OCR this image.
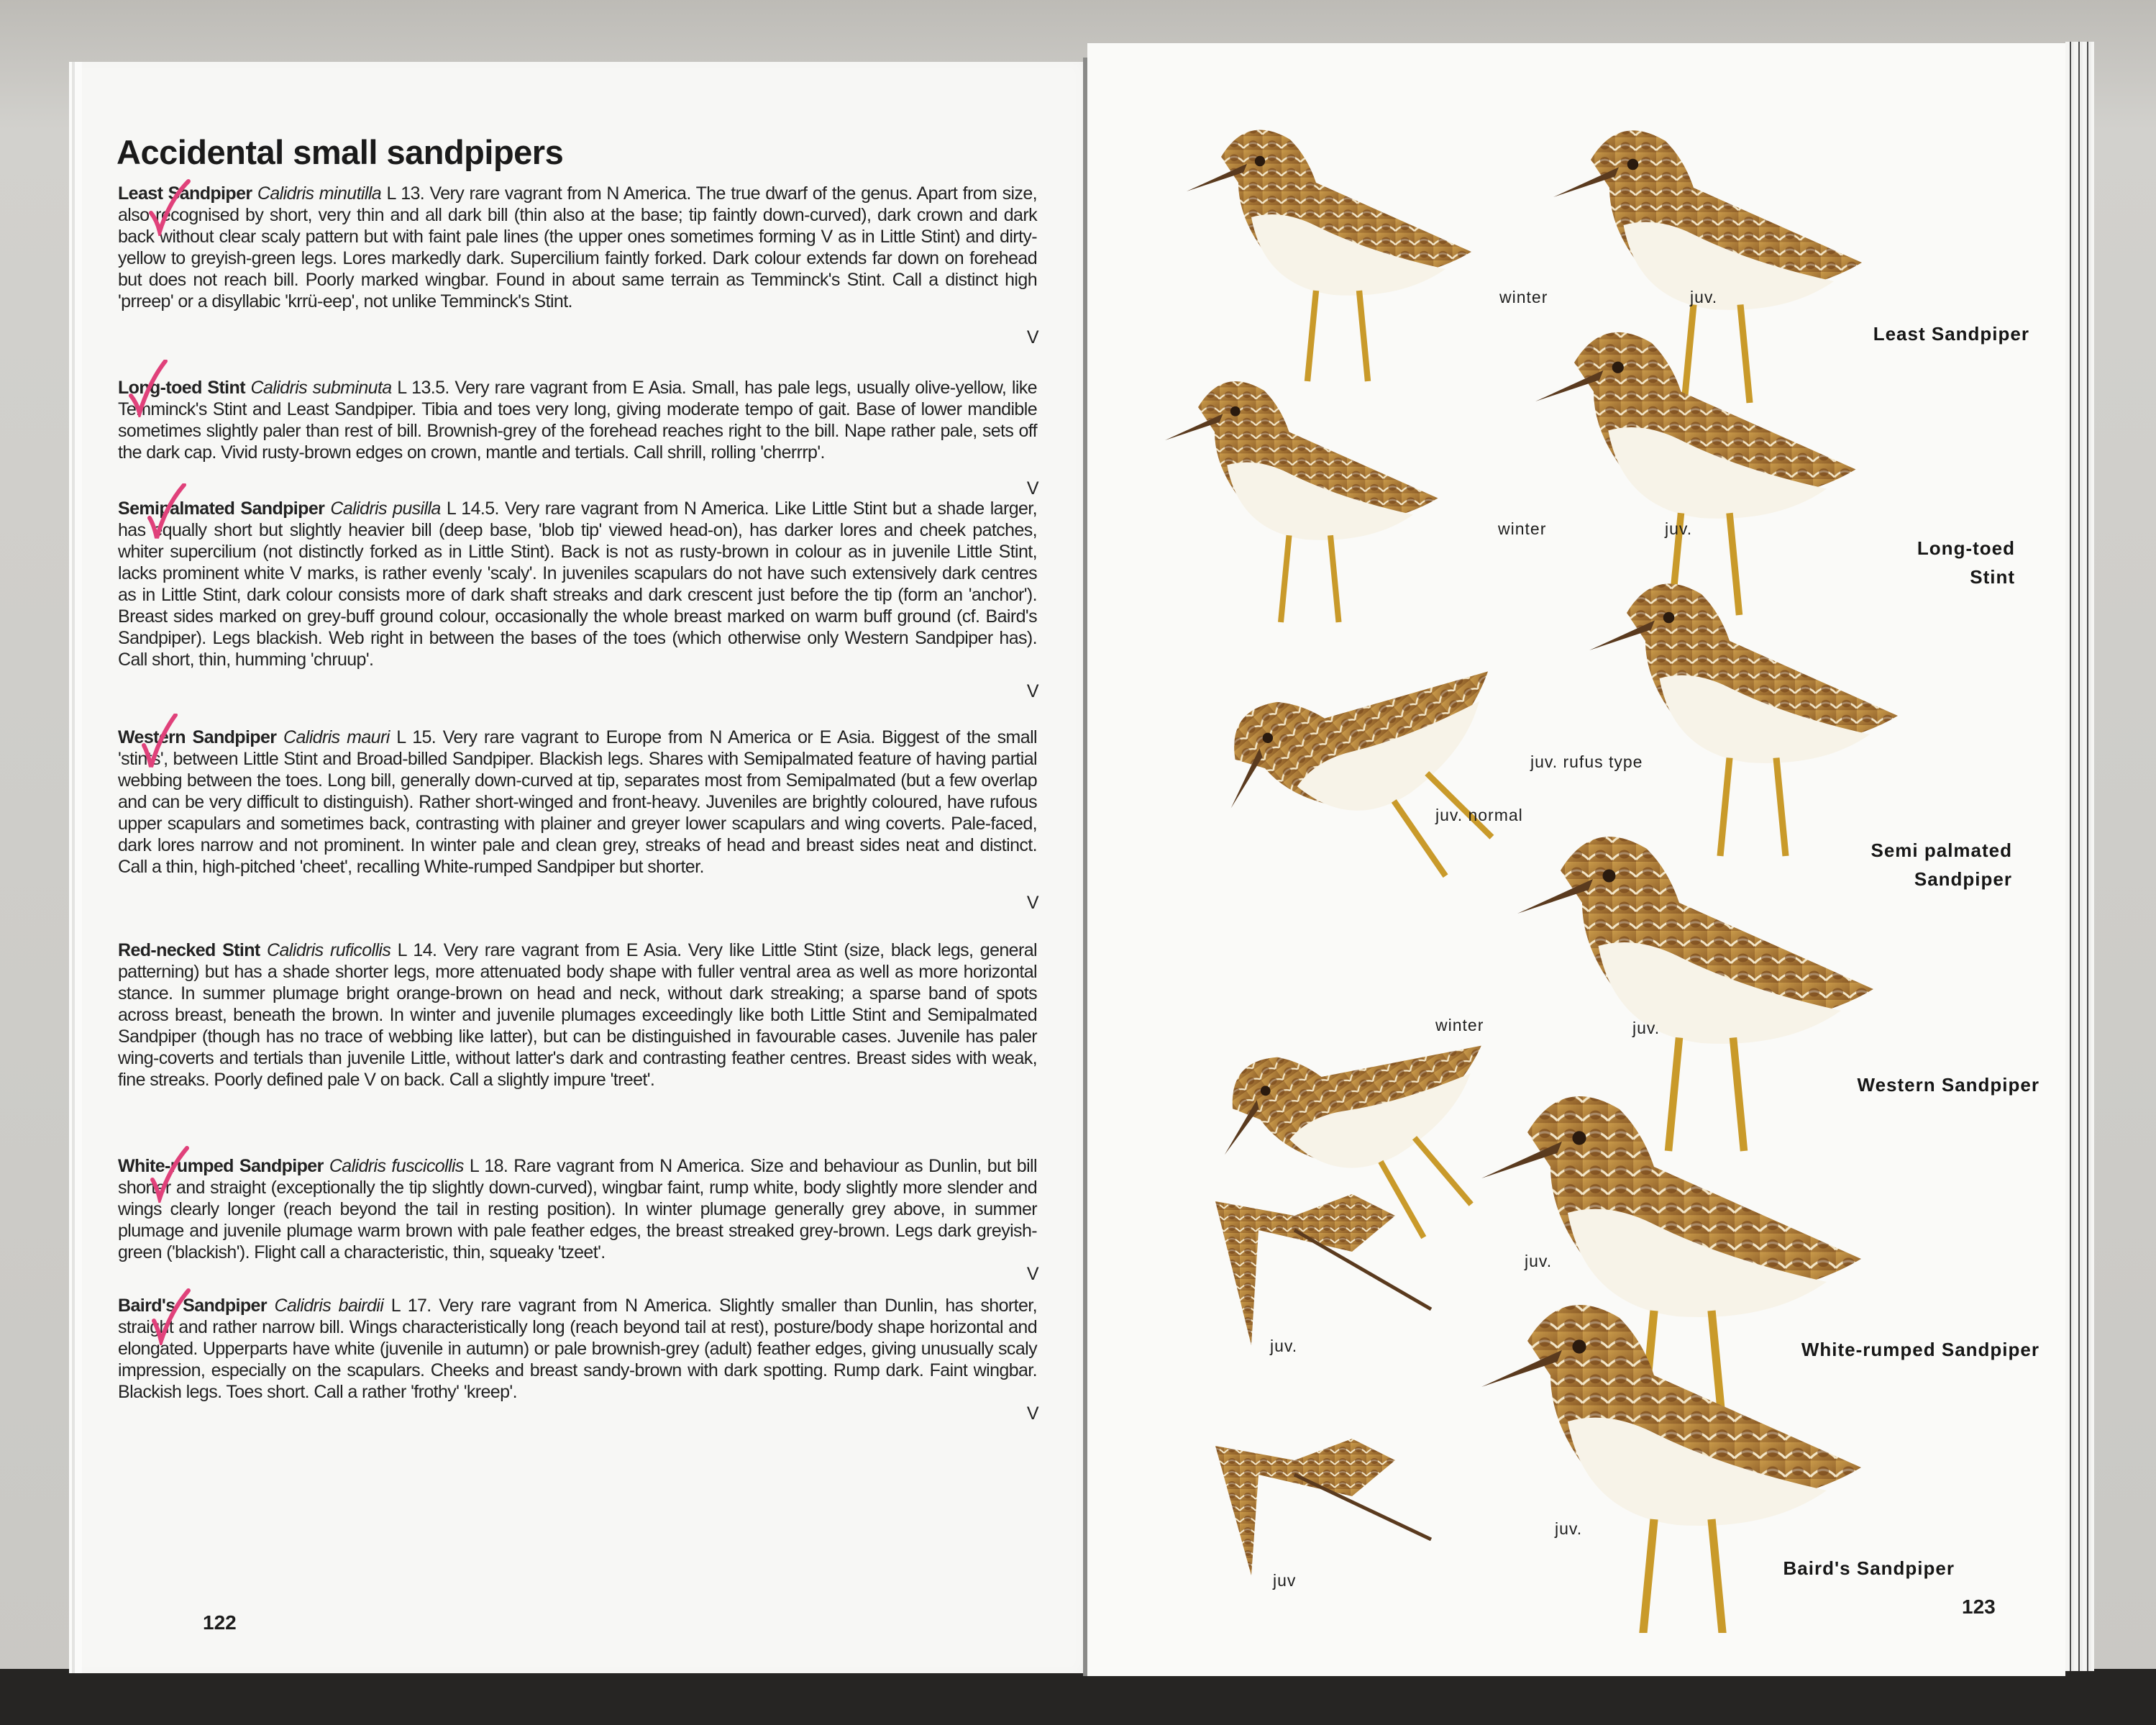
Accidental small sandpipers
Least Sandpiper Calidris minutilla L 13. Very rare vagrant from N America. The true dwarf of the genus. Apart from size, also recognised by short, very thin and all dark bill (thin also at the base; tip faintly down-curved), dark crown and dark back without clear scaly pattern but with faint pale lines (the upper ones sometimes forming V as in Little Stint) and dirty-yellow to greyish-green legs. Lores markedly dark. Supercilium faintly forked. Dark colour extends far down on forehead but does not reach bill. Poorly marked wingbar. Found in about same terrain as Temminck's Stint. Call a distinct high 'prreep' or a disyllabic 'krrü-eep', not unlike Temminck's Stint.
V
Long-toed Stint Calidris subminuta L 13.5. Very rare vagrant from E Asia. Small, has pale legs, usually olive-yellow, like Temminck's Stint and Least Sandpiper. Tibia and toes very long, giving moderate tempo of gait. Base of lower mandible sometimes slightly paler than rest of bill. Brownish-grey of the forehead reaches right to the bill. Nape rather pale, sets off the dark cap. Vivid rusty-brown edges on crown, mantle and tertials. Call shrill, rolling 'cherrrp'.
V
Semipalmated Sandpiper Calidris pusilla L 14.5. Very rare vagrant from N America. Like Little Stint but a shade larger, has equally short but slightly heavier bill (deep base, 'blob tip' viewed head-on), has darker lores and cheek patches, whiter supercilium (not distinctly forked as in Little Stint). Back is not as rusty-brown in colour as in juvenile Little Stint, lacks prominent white V marks, is rather evenly 'scaly'. In juveniles scapulars do not have such extensively dark centres as in Little Stint, dark colour consists more of dark shaft streaks and dark crescent just before the tip (form an 'anchor'). Breast sides marked on grey-buff ground colour, occasionally the whole breast marked on warm buff ground (cf. Baird's Sandpiper). Legs blackish. Web right in between the bases of the toes (which otherwise only Western Sandpiper has). Call short, thin, humming 'chruup'.
V
Western Sandpiper Calidris mauri L 15. Very rare vagrant to Europe from N America or E Asia. Biggest of the small 'stints', between Little Stint and Broad-billed Sandpiper. Blackish legs. Shares with Semipalmated feature of having partial webbing between the toes. Long bill, generally down-curved at tip, separates most from Semipalmated (but a few overlap and can be very difficult to distinguish). Rather short-winged and front-heavy. Juveniles are brightly coloured, have rufous upper scapulars and sometimes back, contrasting with plainer and greyer lower scapulars and wing coverts. Pale-faced, dark lores narrow and not prominent. In winter pale and clean grey, streaks of head and breast sides neat and distinct. Call a thin, high-pitched 'cheet', recalling White-rumped Sandpiper but shorter.
V
Red-necked Stint Calidris ruficollis L 14. Very rare vagrant from E Asia. Very like Little Stint (size, black legs, general patterning) but has a shade shorter legs, more attenuated body shape with fuller ventral area as well as more horizontal stance. In summer plumage bright orange-brown on head and neck, without dark streaking; a sparse band of spots across breast, beneath the brown. In winter and juvenile plumages exceedingly like both Little Stint and Semipalmated Sandpiper (though has no trace of webbing like latter), but can be distinguished in favourable cases. Juvenile has paler wing-coverts and tertials than juvenile Little, without latter's dark and contrasting feather centres. Breast sides with weak, fine streaks. Poorly defined pale V on back. Call a slightly impure 'treet'.
White-rumped Sandpiper Calidris fuscicollis L 18. Rare vagrant from N America. Size and behaviour as Dunlin, but bill shorter and straight (exceptionally the tip slightly down-curved), wingbar faint, rump white, body slightly more slender and wings clearly longer (reach beyond the tail in resting position). In winter plumage generally grey above, in summer plumage and juvenile plumage warm brown with pale feather edges, the breast streaked grey-brown. Legs dark greyish-green ('blackish'). Flight call a characteristic, thin, squeaky 'tzeet'.
V
Baird's Sandpiper Calidris bairdii L 17. Very rare vagrant from N America. Slightly smaller than Dunlin, has shorter, straight and rather narrow bill. Wings characteristically long (reach beyond tail at rest), posture/body shape horizontal and elongated. Upperparts have white (juvenile in autumn) or pale brownish-grey (adult) feather edges, giving unusually scaly impression, especially on the scapulars. Cheeks and breast sandy-brown with dark spotting. Rump dark. Faint wingbar. Blackish legs. Toes short. Call a rather 'frothy' 'kreep'.
V
122
winter	juv.
winter	juv.
juv. rufus type
juv. normal
winter	juv.
juv.
juv.
juv
juv.
Least Sandpiper
Long-toed
Stint
Semi palmated
Sandpiper
Western Sandpiper
White-rumped Sandpiper
Baird's Sandpiper
123
